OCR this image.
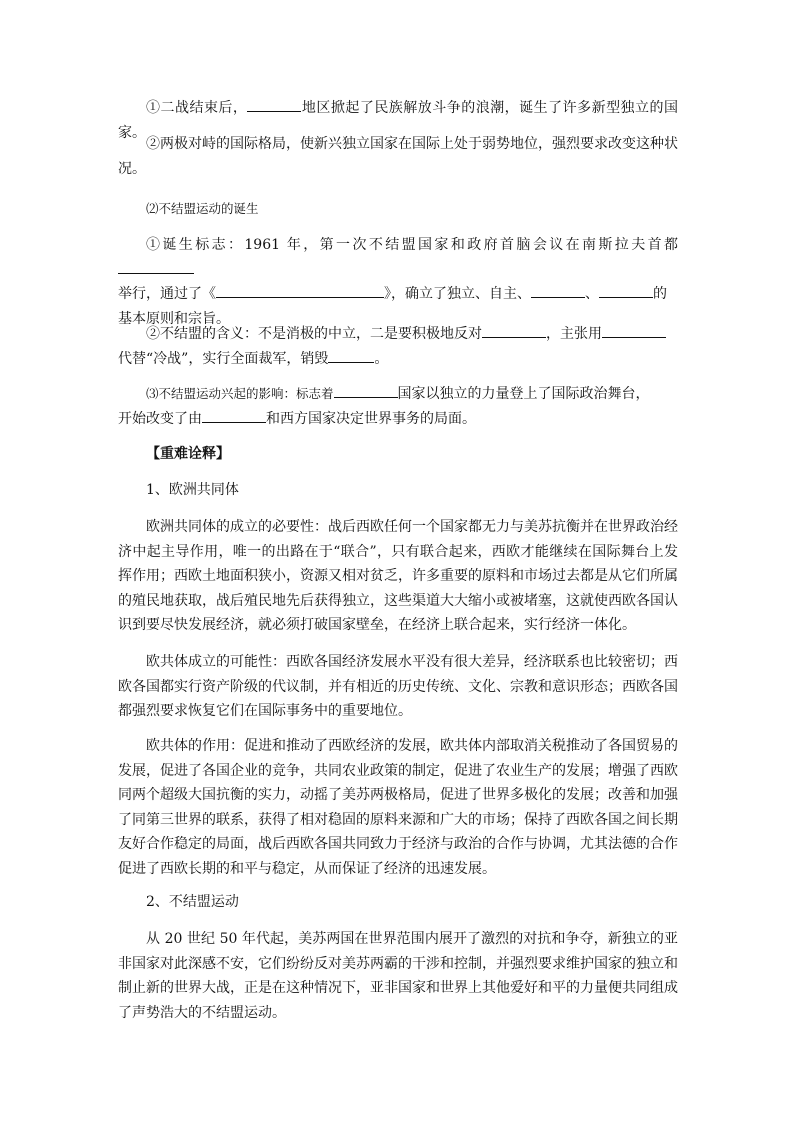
①二战结束后，	地区掀起了民族解放斗争的浪潮，诞生了许多新型独立的国家。

②两极对峙的国际格局，使新兴独立国家在国际上处于弱势地位，强烈要求改变这种状
况。

⑵不结盟运动的诞生

①诞生标志：1961 年，第一次不结盟国家和政府首脑会议在南斯拉夫首都
举行，通过了《	》，确立了独立、自主、	、	的
基本原则和宗旨。

②不结盟的含义：不是消极的中立，二是要积极地反对	，主张用
代替“冷战”，实行全面裁军，销毁	。

⑶不结盟运动兴起的影响：标志着	国家以独立的力量登上了国际政治舞台，
开始改变了由	和西方国家决定世界事务的局面。

【重难诠释】

1、欧洲共同体

欧洲共同体的成立的必要性：战后西欧任何一个国家都无力与美苏抗衡并在世界政治经济中起主导作用，唯一的出路在于“联合”，只有联合起来，西欧才能继续在国际舞台上发挥作用；西欧土地面积狭小，资源又相对贫乏，许多重要的原料和市场过去都是从它们所属的殖民地获取，战后殖民地先后获得独立，这些渠道大大缩小或被堵塞，这就使西欧各国认识到要尽快发展经济，就必须打破国家壁垒，在经济上联合起来，实行经济一体化。

欧共体成立的可能性：西欧各国经济发展水平没有很大差异，经济联系也比较密切；西欧各国都实行资产阶级的代议制，并有相近的历史传统、文化、宗教和意识形态；西欧各国都强烈要求恢复它们在国际事务中的重要地位。

欧共体的作用：促进和推动了西欧经济的发展，欧共体内部取消关税推动了各国贸易的发展，促进了各国企业的竞争，共同农业政策的制定，促进了农业生产的发展；增强了西欧同两个超级大国抗衡的实力，动摇了美苏两极格局，促进了世界多极化的发展；改善和加强了同第三世界的联系，获得了相对稳固的原料来源和广大的市场；保持了西欧各国之间长期友好合作稳定的局面，战后西欧各国共同致力于经济与政治的合作与协调，尤其法德的合作促进了西欧长期的和平与稳定，从而保证了经济的迅速发展。

2、不结盟运动

从 20 世纪 50 年代起，美苏两国在世界范围内展开了激烈的对抗和争夺，新独立的亚非国家对此深感不安，它们纷纷反对美苏两霸的干涉和控制，并强烈要求维护国家的独立和制止新的世界大战，正是在这种情况下，亚非国家和世界上其他爱好和平的力量便共同组成了声势浩大的不结盟运动。
